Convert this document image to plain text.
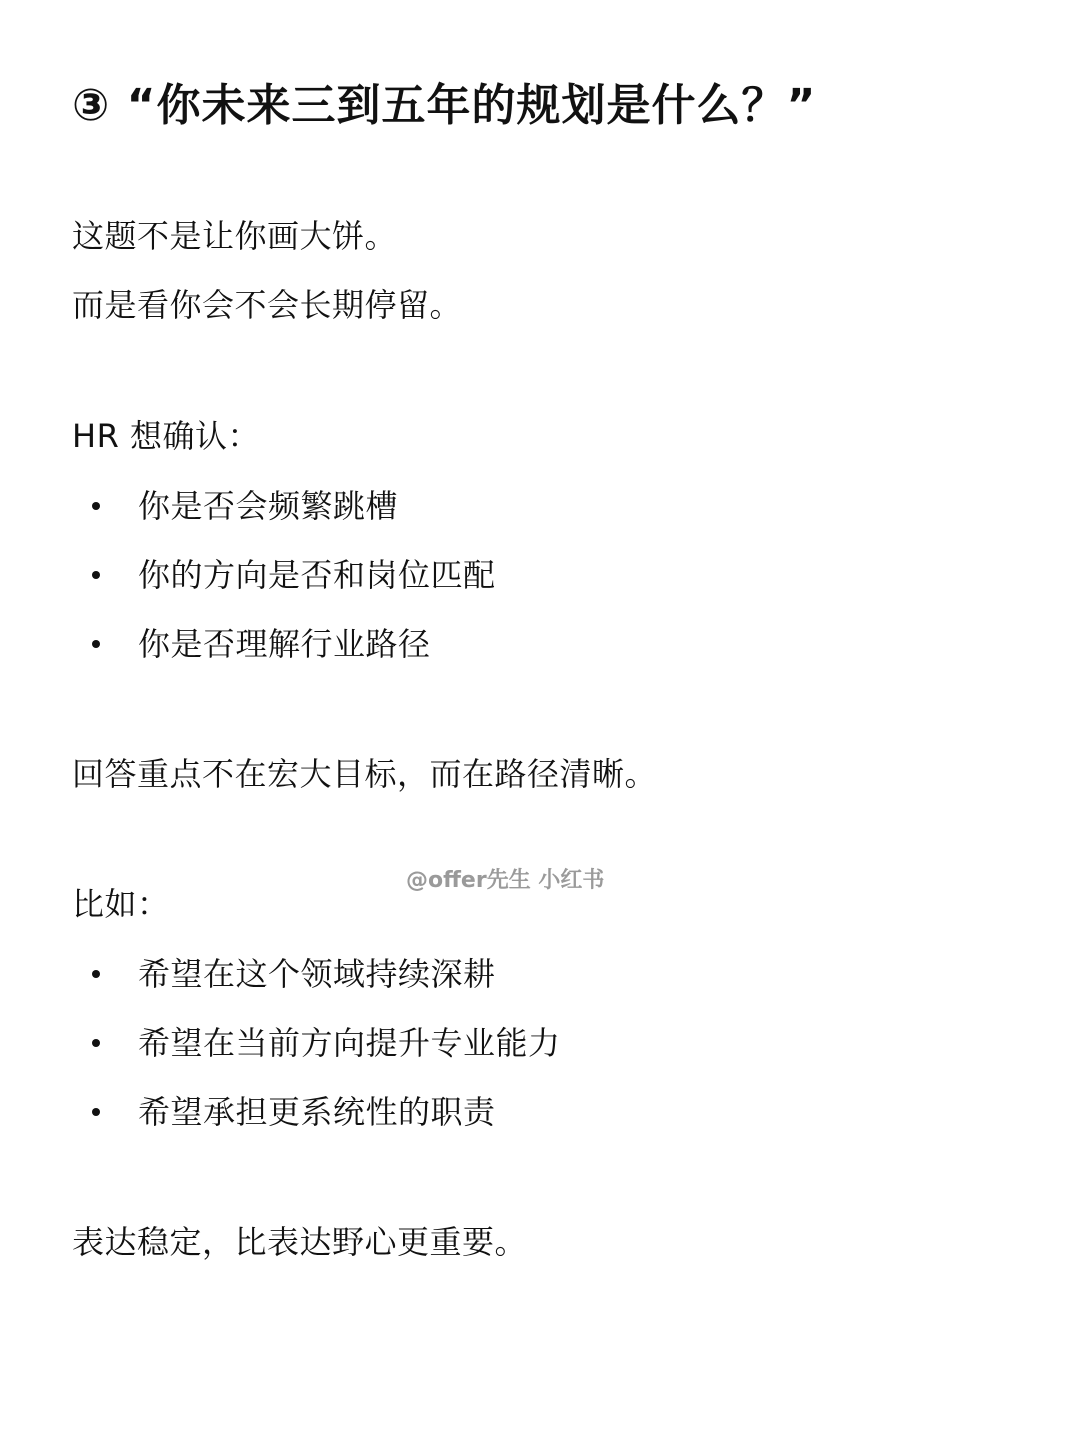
③ “你未来三到五年的规划是什么？”
这题不是让你画大饼。
而是看你会不会长期停留。
HR 想确认：
你是否会频繁跳槽
你的方向是否和岗位匹配
你是否理解行业路径
回答重点不在宏大目标，而在路径清晰。
@offer先生 小红书
比如：
希望在这个领域持续深耕
希望在当前方向提升专业能力
希望承担更系统性的职责
表达稳定，比表达野心更重要。
